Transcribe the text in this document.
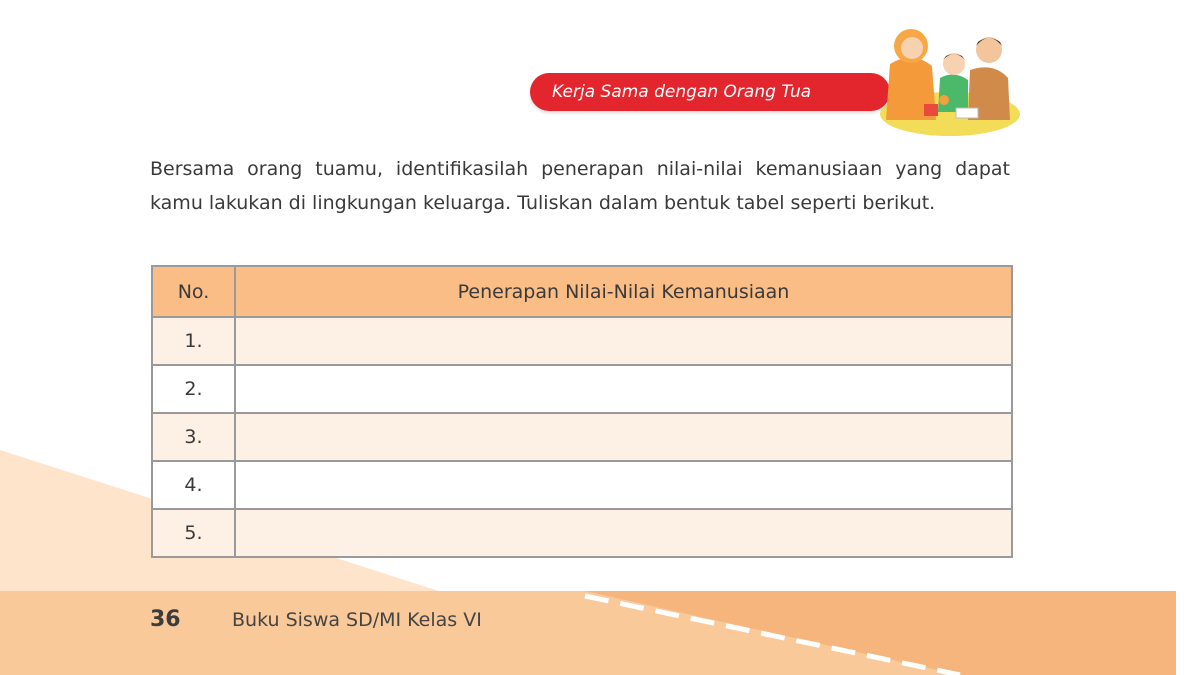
Kerja Sama dengan Orang Tua

Bersama orang tuamu, identifikasilah penerapan nilai-nilai kemanusiaan yang dapat kamu lakukan di lingkungan keluarga. Tuliskan dalam bentuk tabel seperti berikut.

No.	Penerapan Nilai-Nilai Kemanusiaan
1.	
2.	
3.	
4.	
5.	
36	Buku Siswa SD/MI Kelas VI
